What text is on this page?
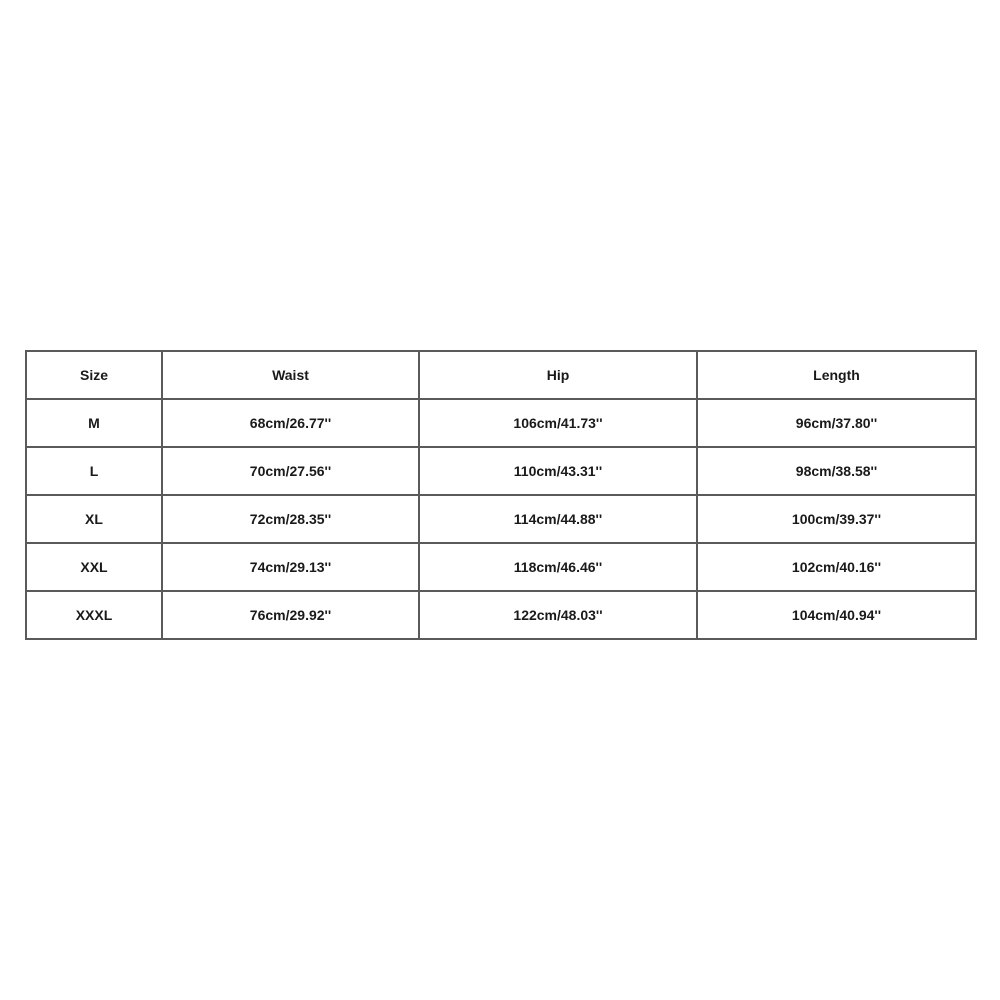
Size	Waist	Hip	Length
M	68cm/26.77''	106cm/41.73''	96cm/37.80''
L	70cm/27.56''	110cm/43.31''	98cm/38.58''
XL	72cm/28.35''	114cm/44.88''	100cm/39.37''
XXL	74cm/29.13''	118cm/46.46''	102cm/40.16''
XXXL	76cm/29.92''	122cm/48.03''	104cm/40.94''
